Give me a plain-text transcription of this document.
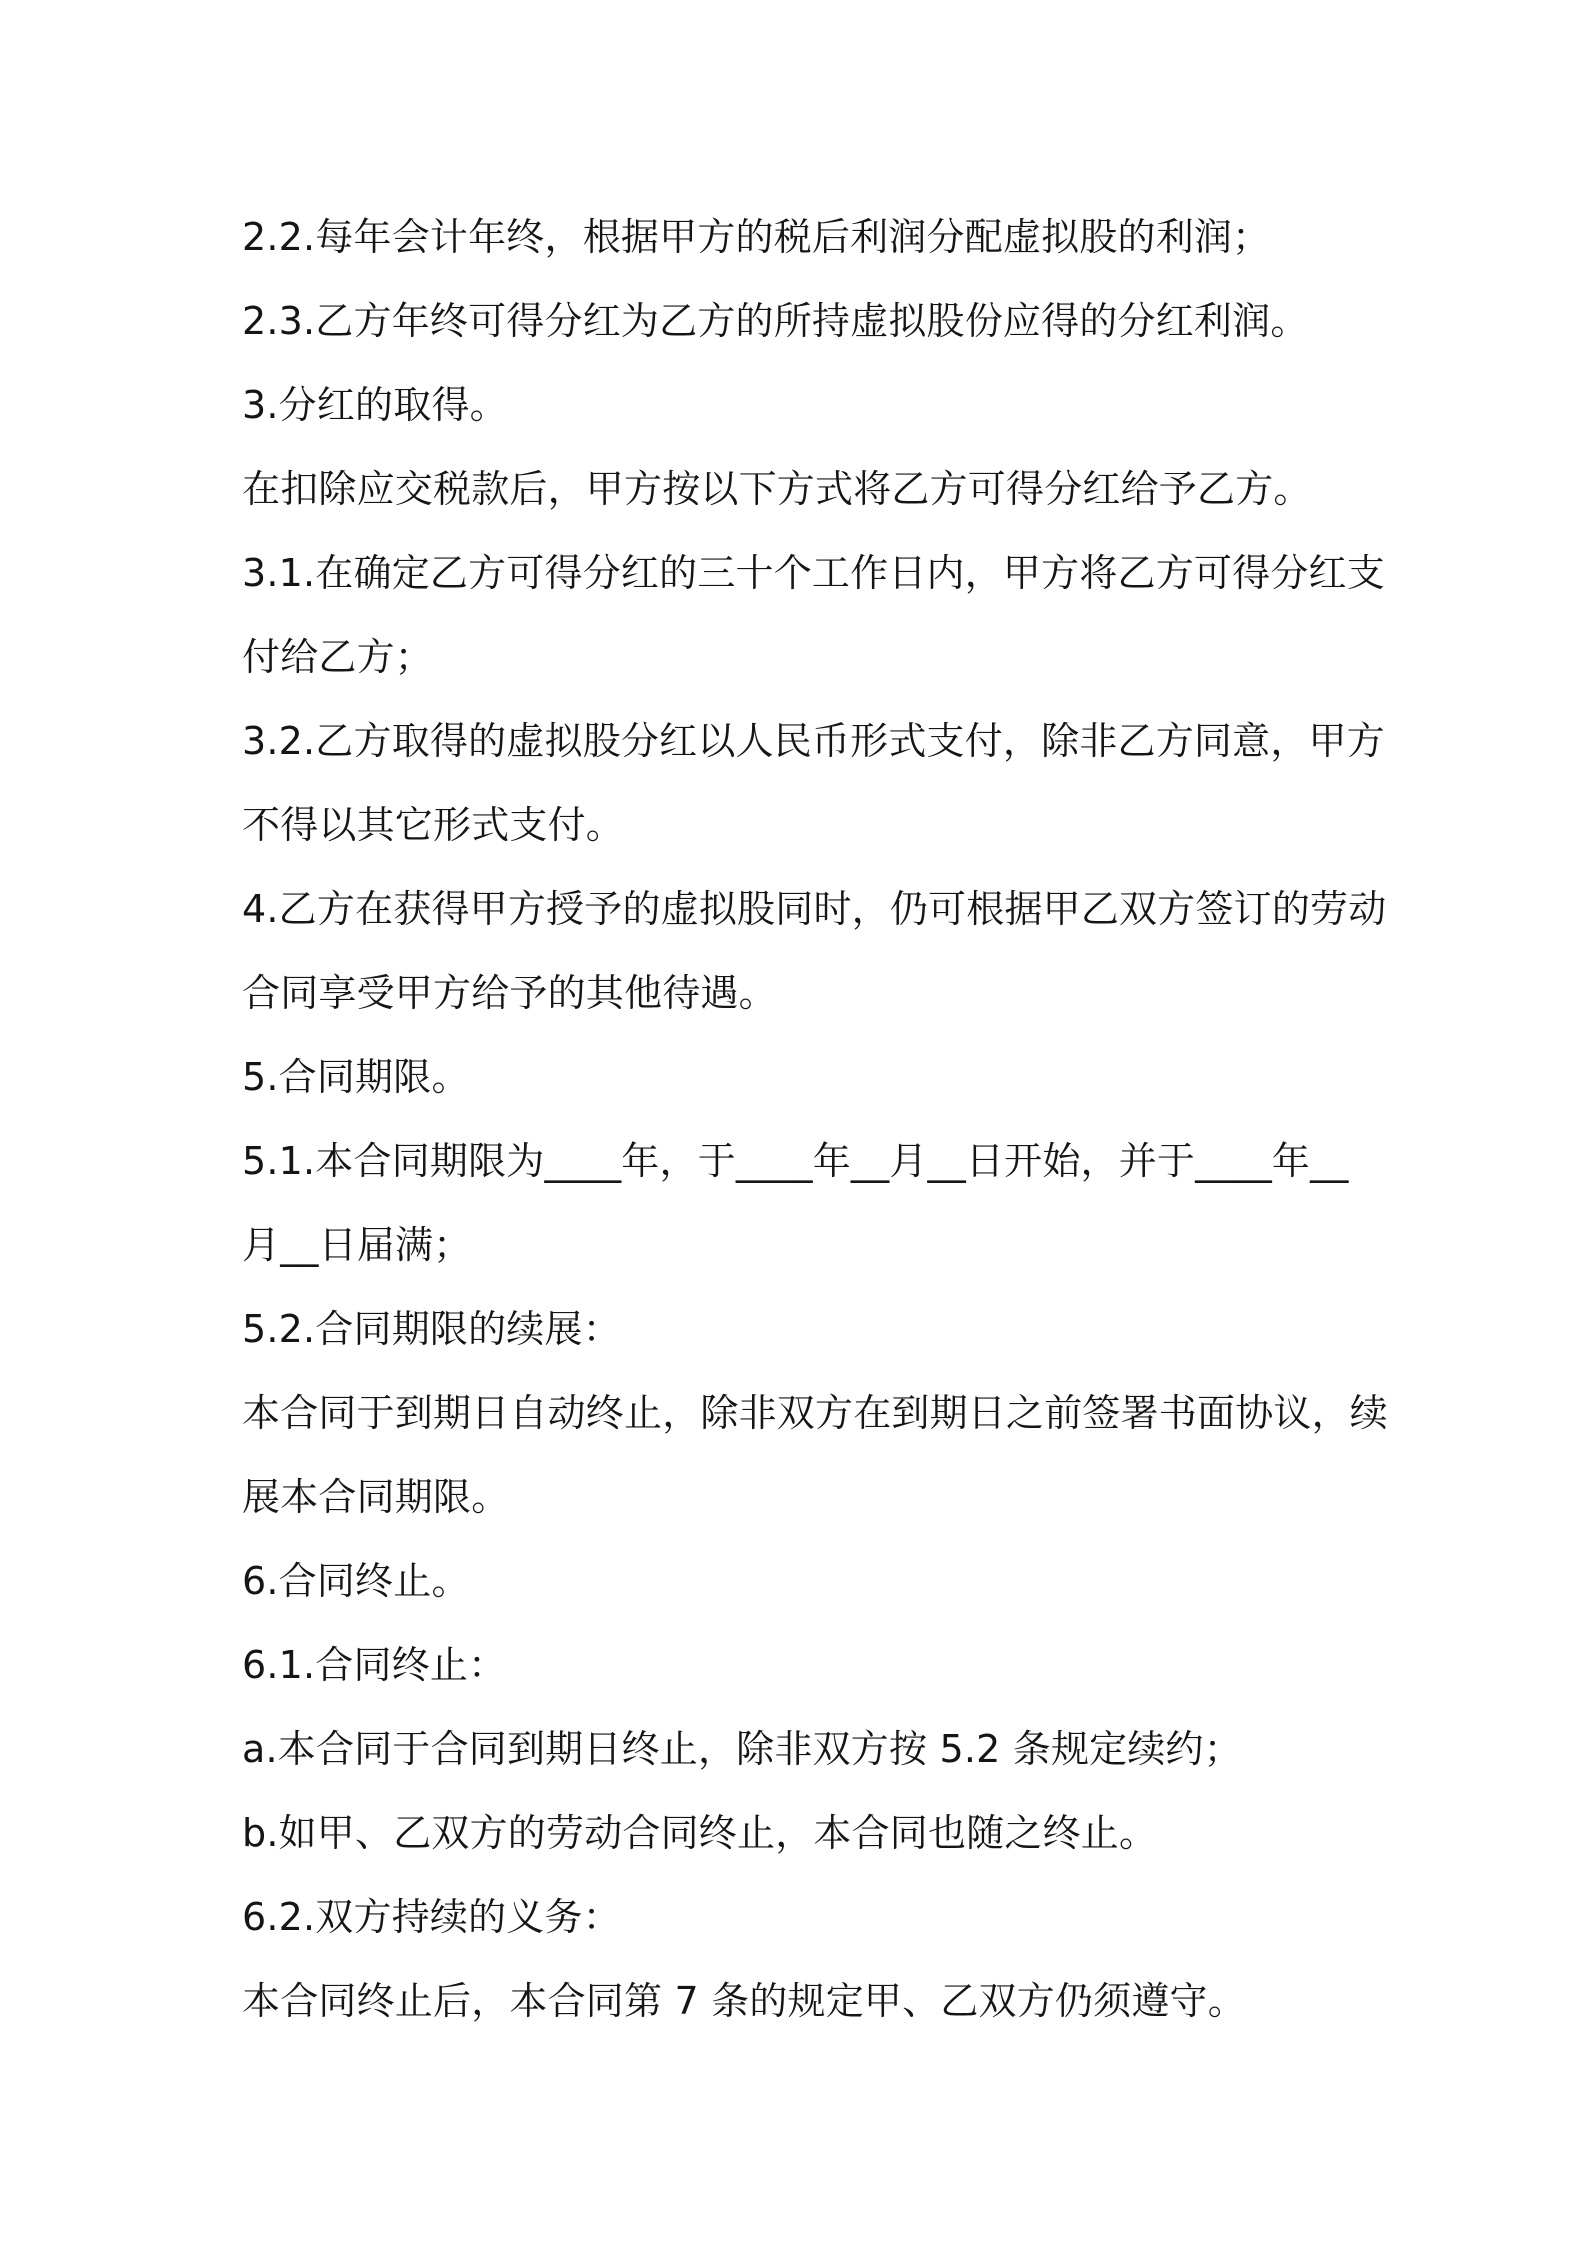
2.2.每年会计年终，根据甲方的税后利润分配虚拟股的利润；
2.3.乙方年终可得分红为乙方的所持虚拟股份应得的分红利润。
3.分红的取得。
在扣除应交税款后，甲方按以下方式将乙方可得分红给予乙方。
3.1.在确定乙方可得分红的三十个工作日内，甲方将乙方可得分红支
付给乙方；
3.2.乙方取得的虚拟股分红以人民币形式支付，除非乙方同意，甲方
不得以其它形式支付。
4.乙方在获得甲方授予的虚拟股同时，仍可根据甲乙双方签订的劳动
合同享受甲方给予的其他待遇。
5.合同期限。
5.1.本合同期限为____年，于____年__月__日开始，并于____年__
月__日届满；
5.2.合同期限的续展：
本合同于到期日自动终止，除非双方在到期日之前签署书面协议，续
展本合同期限。
6.合同终止。
6.1.合同终止：
a.本合同于合同到期日终止，除非双方按 5.2 条规定续约；
b.如甲、乙双方的劳动合同终止，本合同也随之终止。
6.2.双方持续的义务：
本合同终止后，本合同第 7 条的规定甲、乙双方仍须遵守。
